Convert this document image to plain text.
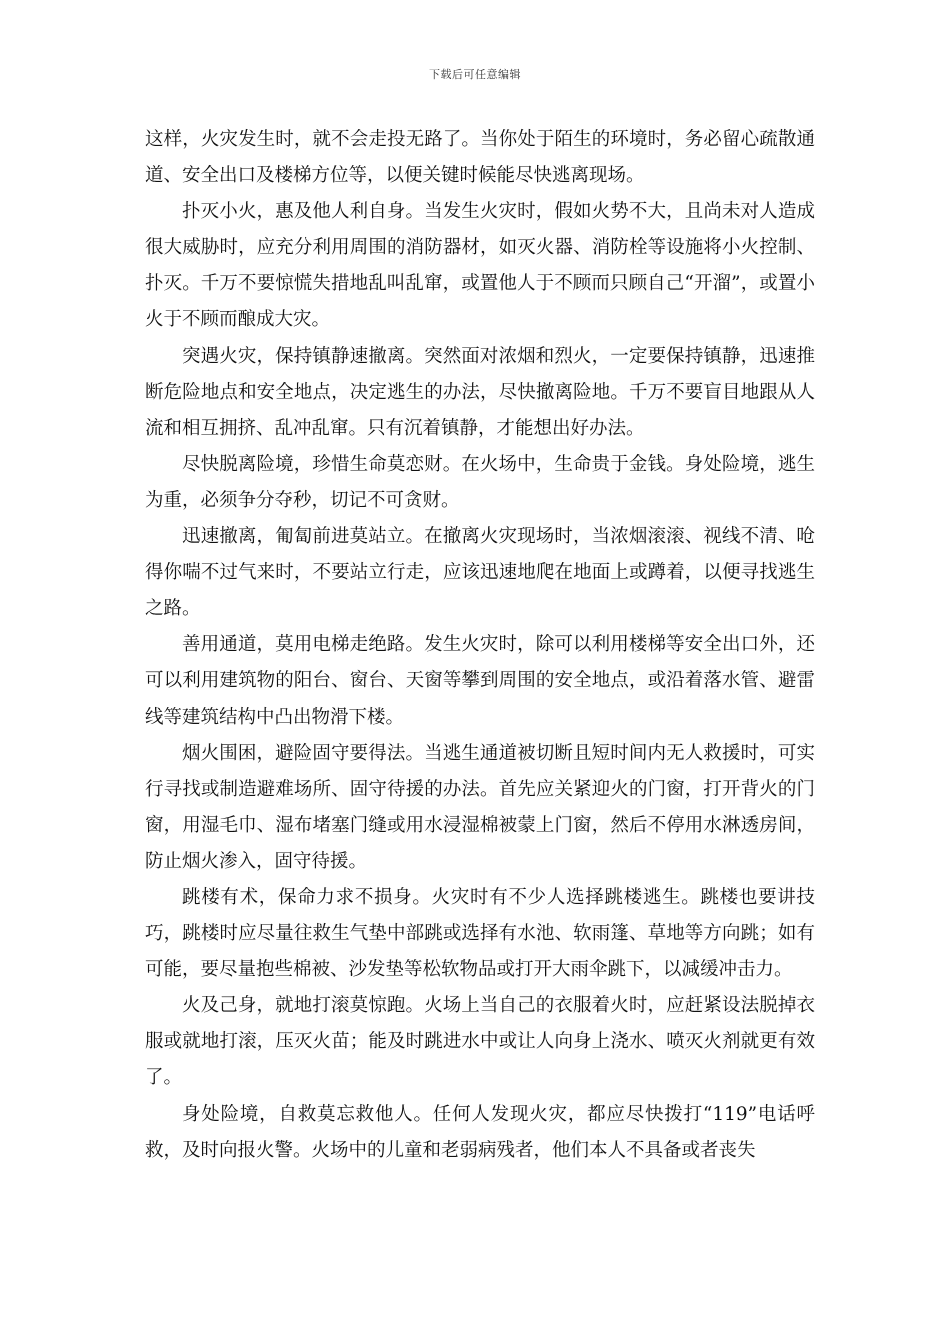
下载后可任意编辑

这样，火灾发生时，就不会走投无路了。当你处于陌生的环境时，务必留心疏散通道、安全出口及楼梯方位等，以便关键时候能尽快逃离现场。

扑灭小火，惠及他人利自身。当发生火灾时，假如火势不大，且尚未对人造成很大威胁时，应充分利用周围的消防器材，如灭火器、消防栓等设施将小火控制、扑灭。千万不要惊慌失措地乱叫乱窜，或置他人于不顾而只顾自己“开溜”，或置小火于不顾而酿成大灾。

突遇火灾，保持镇静速撤离。突然面对浓烟和烈火，一定要保持镇静，迅速推断危险地点和安全地点，决定逃生的办法，尽快撤离险地。千万不要盲目地跟从人流和相互拥挤、乱冲乱窜。只有沉着镇静，才能想出好办法。

尽快脱离险境，珍惜生命莫恋财。在火场中，生命贵于金钱。身处险境，逃生为重，必须争分夺秒，切记不可贪财。

迅速撤离，匍匐前进莫站立。在撤离火灾现场时，当浓烟滚滚、视线不清、呛得你喘不过气来时，不要站立行走，应该迅速地爬在地面上或蹲着，以便寻找逃生之路。

善用通道，莫用电梯走绝路。发生火灾时，除可以利用楼梯等安全出口外，还可以利用建筑物的阳台、窗台、天窗等攀到周围的安全地点，或沿着落水管、避雷线等建筑结构中凸出物滑下楼。

烟火围困，避险固守要得法。当逃生通道被切断且短时间内无人救援时，可实行寻找或制造避难场所、固守待援的办法。首先应关紧迎火的门窗，打开背火的门窗，用湿毛巾、湿布堵塞门缝或用水浸湿棉被蒙上门窗，然后不停用水淋透房间，防止烟火渗入，固守待援。

跳楼有术，保命力求不损身。火灾时有不少人选择跳楼逃生。跳楼也要讲技巧，跳楼时应尽量往救生气垫中部跳或选择有水池、软雨篷、草地等方向跳；如有可能，要尽量抱些棉被、沙发垫等松软物品或打开大雨伞跳下，以减缓冲击力。

火及己身，就地打滚莫惊跑。火场上当自己的衣服着火时，应赶紧设法脱掉衣服或就地打滚，压灭火苗；能及时跳进水中或让人向身上浇水、喷灭火剂就更有效了。

身处险境，自救莫忘救他人。任何人发现火灾，都应尽快拨打“119”电话呼救，及时向报火警。火场中的儿童和老弱病残者，他们本人不具备或者丧失
